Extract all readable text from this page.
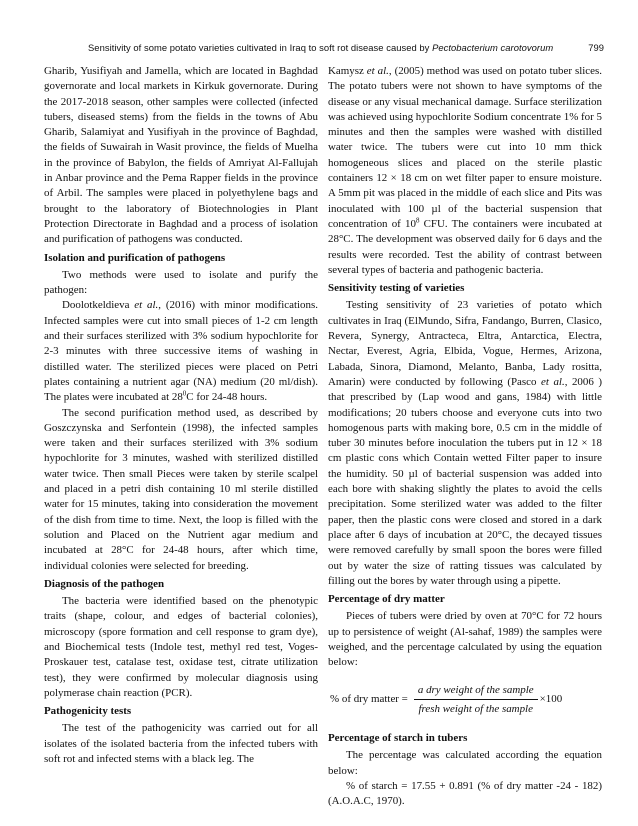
Sensitivity of some potato varieties cultivated in Iraq to soft rot disease caused by Pectobacterium carotovorum	799

Gharib, Yusifiyah and Jamella, which are located in Baghdad governorate and local markets in Kirkuk governorate. During the 2017-2018 season, other samples were collected (infected tubers, diseased stems) from the fields in the towns of Abu Gharib, Salamiyat and Yusifiyah in the province of Baghdad, the fields of Suwairah in Wasit province, the fields of Muelha in the province of Babylon, the fields of Amriyat Al-Fallujah in Anbar province and the Pema Rapper fields in the province of Arbil. The samples were placed in polyethylene bags and brought to the laboratory of Biotechnologies in Plant Protection Directorate in Baghdad and a process of isolation and purification of pathogens was conducted.

Isolation and purification of pathogens

Two methods were used to isolate and purify the pathogen:

Doolotkeldieva et al., (2016) with minor modifications. Infected samples were cut into small pieces of 1-2 cm length and their surfaces sterilized with 3% sodium hypochlorite for 2-3 minutes with three successive items of washing in distilled water. The sterilized pieces were placed on Petri plates containing a nutrient agar (NA) medium (20 ml/dish). The plates were incubated at $28^0C$ for 24-48 hours.

The second purification method used, as described by Goszczynska and Serfontein (1998), the infected samples were taken and their surfaces sterilized with 3% sodium hypochlorite for 3 minutes, washed with sterilized distilled water twice. Then small Pieces were taken by sterile scalpel and placed in a petri dish containing 10 ml sterile distilled water for 15 minutes, taking into consideration the movement of the dish from time to time. Next, the loop is filled with the solution and Placed on the Nutrient agar medium and incubated at 28°C for 24-48 hours, after which time, individual colonies were selected for breeding.

Diagnosis of the pathogen

The bacteria were identified based on the phenotypic traits (shape, colour, and edges of bacterial colonies), microscopy (spore formation and cell response to gram dye), and Biochemical tests (Indole test, methyl red test, Voges-Proskauer test, catalase test, oxidase test, citrate utilization test), they were confirmed by molecular diagnosis using polymerase chain reaction (PCR).

Pathogenicity tests

The test of the pathogenicity was carried out for all isolates of the isolated bacteria from the infected tubers with soft rot and infected stems with a black leg. The

Kamysz et al., (2005) method was used on potato tuber slices. The potato tubers were not shown to have symptoms of the disease or any visual mechanical damage. Surface sterilization was achieved using hypochlorite Sodium concentrate 1% for 5 minutes and then the samples were washed with distilled water twice. The tubers were cut into 10 mm thick homogeneous slices and placed on the sterile plastic containers 12 × 18 cm on wet filter paper to ensure moisture. A 5mm pit was placed in the middle of each slice and Pits was inoculated with 100 µl of the bacterial suspension that concentration of $10^8$ CFU. The containers were incubated at 28°C. The development was observed daily for 6 days and the results were recorded. Test the ability of contrast between several types of bacteria and pathogenic bacteria.

Sensitivity testing of varieties

Testing sensitivity of 23 varieties of potato which cultivates in Iraq (ElMundo, Sifra, Fandango, Burren, Clasico, Revera, Synergy, Antracteca, Eltra, Antarctica, Electra, Nectar, Everest, Agria, Elbida, Vogue, Hermes, Arizona, Labada, Sinora, Diamond, Melanto, Banba, Lady rositta, Amarin) were conducted by following (Pasco et al., 2006 ) that prescribed by (Lap wood and gans, 1984) with little modifications; 20 tubers choose and everyone cuts into two homogenous parts with making bore, 0.5 cm in the middle of tuber 30 minutes before inoculation the tubers put in 12 × 18 cm plastic cons which Contain wetted Filter paper to insure the humidity. 50 µl of bacterial suspension was added into each bore with shaking slightly the plates to avoid the cells precipitation. Some sterilized water was added to the filter paper, then the plastic cons were closed and stored in a dark place after 6 days of incubation at 20°C, the decayed tissues were removed carefully by small spoon the bores were filled out by water the size of ratting tissues was calculated by filling out the bores by water through using a pipette.

Percentage of dry matter

Pieces of tubers were dried by oven at 70°C for 72 hours up to persistence of weight (Al-sahaf, 1989) the samples were weighed, and the percentage calculated by using the equation below:

% of dry matter = $\frac{\text{a dry weight of the sample}}{\text{fresh weight of the sample}} \times 100$
Percentage of starch in tubers

The percentage was calculated according the equation below:

% of starch = 17.55 + 0.891 (% of dry matter -24 - 182) (A.O.A.C, 1970).
